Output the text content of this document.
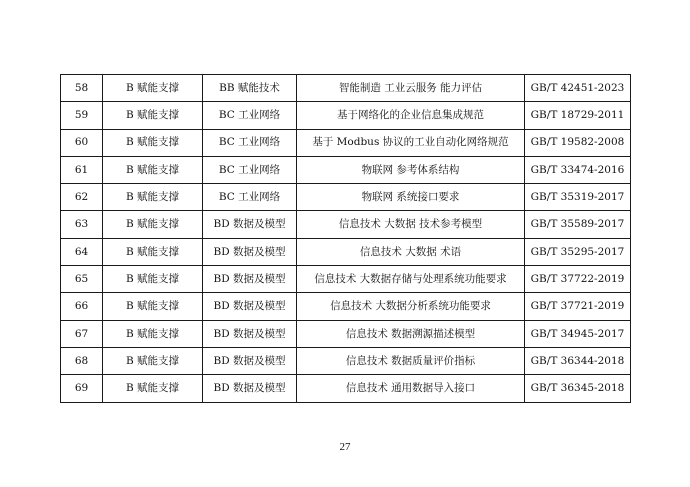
58	B 赋能支撑	BB 赋能技术	智能制造 工业云服务 能力评估	GB/T 42451-2023
59	B 赋能支撑	BC 工业网络	基于网络化的企业信息集成规范	GB/T 18729-2011
60	B 赋能支撑	BC 工业网络	基于 Modbus 协议的工业自动化网络规范	GB/T 19582-2008
61	B 赋能支撑	BC 工业网络	物联网 参考体系结构	GB/T 33474-2016
62	B 赋能支撑	BC 工业网络	物联网 系统接口要求	GB/T 35319-2017
63	B 赋能支撑	BD 数据及模型	信息技术 大数据 技术参考模型	GB/T 35589-2017
64	B 赋能支撑	BD 数据及模型	信息技术 大数据 术语	GB/T 35295-2017
65	B 赋能支撑	BD 数据及模型	信息技术 大数据存储与处理系统功能要求	GB/T 37722-2019
66	B 赋能支撑	BD 数据及模型	信息技术 大数据分析系统功能要求	GB/T 37721-2019
67	B 赋能支撑	BD 数据及模型	信息技术 数据溯源描述模型	GB/T 34945-2017
68	B 赋能支撑	BD 数据及模型	信息技术 数据质量评价指标	GB/T 36344-2018
69	B 赋能支撑	BD 数据及模型	信息技术 通用数据导入接口	GB/T 36345-2018
27
